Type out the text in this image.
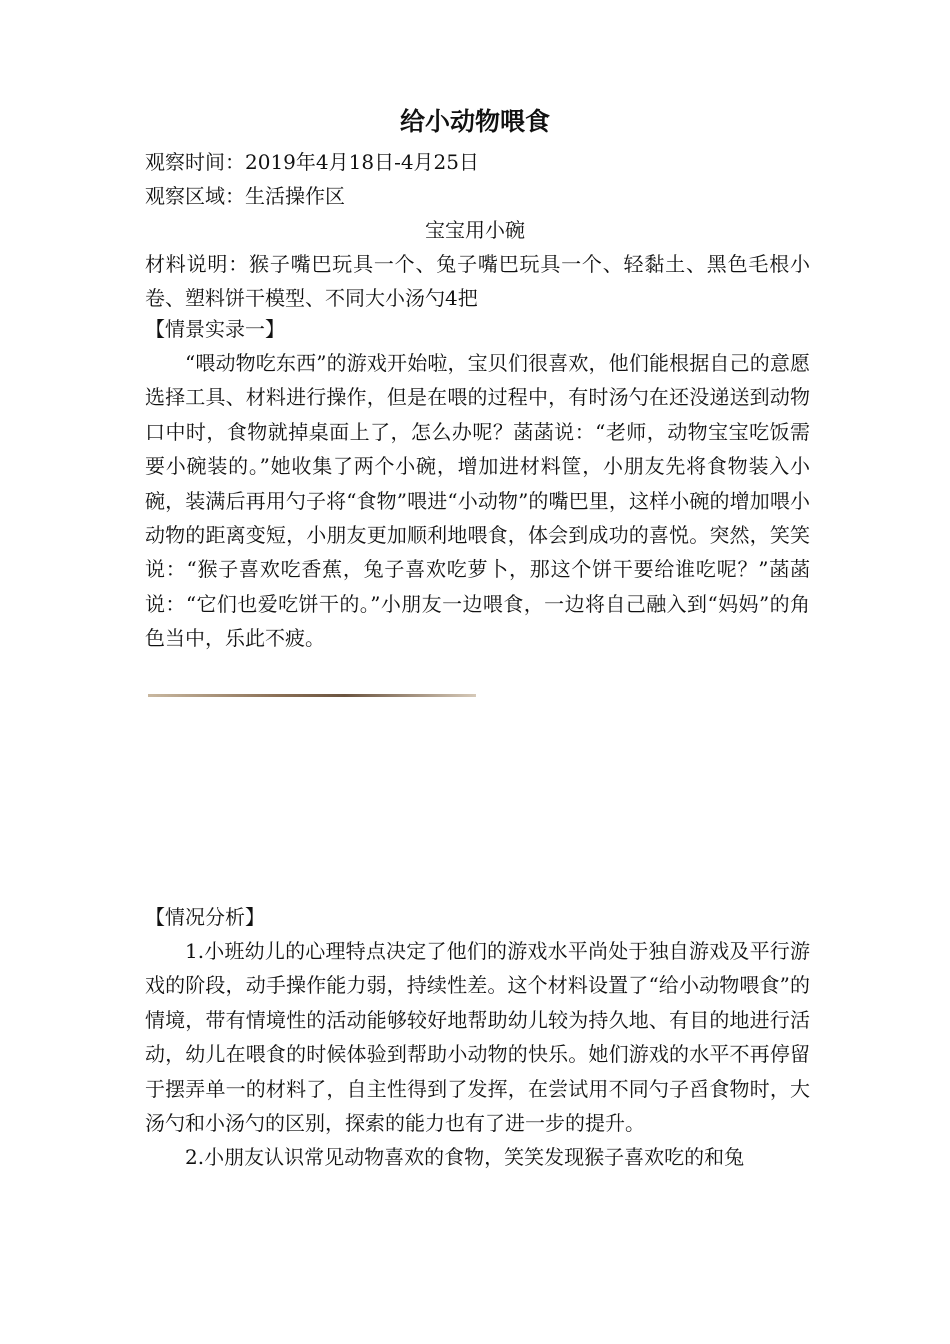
给小动物喂食
观察时间：2019年4月18日-4月25日
观察区域：生活操作区
宝宝用小碗

材料说明：猴子嘴巴玩具一个、兔子嘴巴玩具一个、轻黏土、黑色毛根小卷、塑料饼干模型、不同大小汤勺4把

【情景实录一】

“喂动物吃东西”的游戏开始啦，宝贝们很喜欢，他们能根据自己的意愿选择工具、材料进行操作，但是在喂的过程中，有时汤勺在还没递送到动物口中时，食物就掉桌面上了，怎么办呢？菡菡说：“老师，动物宝宝吃饭需要小碗装的。”她收集了两个小碗，增加进材料筐，小朋友先将食物装入小碗，装满后再用勺子将“食物”喂进“小动物”的嘴巴里，这样小碗的增加喂小动物的距离变短，小朋友更加顺利地喂食，体会到成功的喜悦。突然，笑笑说：“猴子喜欢吃香蕉，兔子喜欢吃萝卜，那这个饼干要给谁吃呢？”菡菡说：“它们也爱吃饼干的。”小朋友一边喂食，一边将自己融入到“妈妈”的角色当中，乐此不疲。

【情况分析】

1.小班幼儿的心理特点决定了他们的游戏水平尚处于独自游戏及平行游戏的阶段，动手操作能力弱，持续性差。这个材料设置了“给小动物喂食”的情境，带有情境性的活动能够较好地帮助幼儿较为持久地、有目的地进行活动，幼儿在喂食的时候体验到帮助小动物的快乐。她们游戏的水平不再停留于摆弄单一的材料了，自主性得到了发挥，在尝试用不同勺子舀食物时，大汤勺和小汤勺的区别，探索的能力也有了进一步的提升。

2.小朋友认识常见动物喜欢的食物，笑笑发现猴子喜欢吃的和兔
